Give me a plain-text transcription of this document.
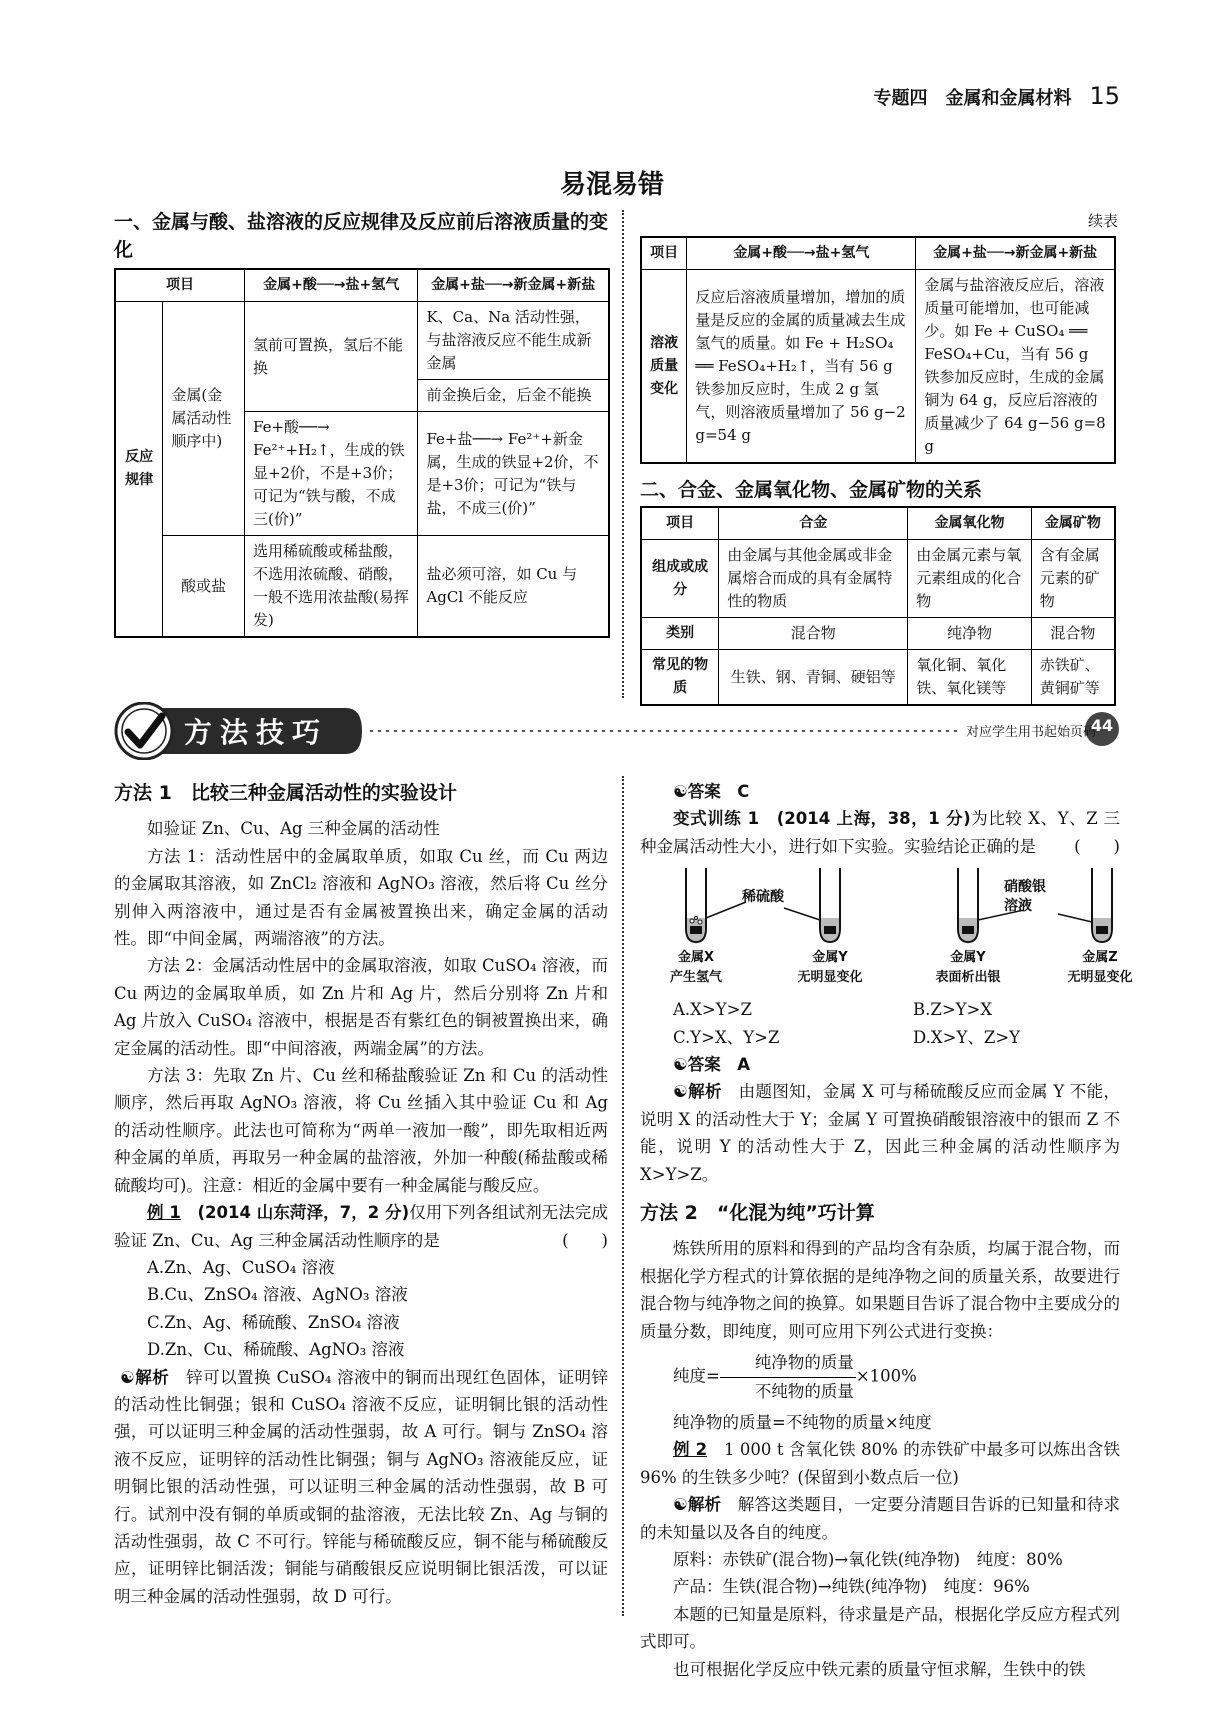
专题四　金属和金属材料 15
易混易错
一、金属与酸、盐溶液的反应规律及反应前后溶液质量的变化
项目		金属+酸──→盐+氢气	金属+盐──→新金属+新盐
反应规律	金属(金属活动性顺序中)	氢前可置换，氢后不能换	K、Ca、Na 活动性强，与盐溶液反应不能生成新金属
			前金换后金，后金不能换
		Fe+酸──→ Fe²⁺+H₂↑，生成的铁显+2价，不是+3价；可记为“铁与酸，不成三(价)”	Fe+盐──→ Fe²⁺+新金属，生成的铁显+2价，不是+3价；可记为“铁与盐，不成三(价)”
	酸或盐	选用稀硫酸或稀盐酸，不选用浓硫酸、硝酸，一般不选用浓盐酸(易挥发)	盐必须可溶，如 Cu 与 AgCl 不能反应
续表
项目	金属+酸──→盐+氢气	金属+盐──→新金属+新盐
溶液质量变化	反应后溶液质量增加，增加的质量是反应的金属的质量减去生成氢气的质量。如 Fe + H₂SO₄ ══ FeSO₄+H₂↑，当有 56 g 铁参加反应时，生成 2 g 氢气，则溶液质量增加了 56 g−2 g=54 g	金属与盐溶液反应后，溶液质量可能增加，也可能减少。如 Fe + CuSO₄ ══ FeSO₄+Cu，当有 56 g 铁参加反应时，生成的金属铜为 64 g，反应后溶液的质量减少了 64 g−56 g=8 g
二、合金、金属氧化物、金属矿物的关系
项目	合金	金属氧化物	金属矿物
组成或成分	由金属与其他金属或非金属熔合而成的具有金属特性的物质	由金属元素与氧元素组成的化合物	含有金属元素的矿物
类别	混合物	纯净物	混合物
常见的物质	生铁、钢、青铜、硬铝等	氧化铜、氧化铁、氧化镁等	赤铁矿、黄铜矿等
方法技巧	对应学生用书起始页码
44
方法 1　比较三种金属活动性的实验设计

如验证 Zn、Cu、Ag 三种金属的活动性

方法 1：活动性居中的金属取单质，如取 Cu 丝，而 Cu 两边的金属取其溶液，如 ZnCl₂ 溶液和 AgNO₃ 溶液，然后将 Cu 丝分别伸入两溶液中，通过是否有金属被置换出来，确定金属的活动性。即“中间金属，两端溶液”的方法。

方法 2：金属活动性居中的金属取溶液，如取 CuSO₄ 溶液，而 Cu 两边的金属取单质，如 Zn 片和 Ag 片，然后分别将 Zn 片和 Ag 片放入 CuSO₄ 溶液中，根据是否有紫红色的铜被置换出来，确定金属的活动性。即“中间溶液，两端金属”的方法。

方法 3：先取 Zn 片、Cu 丝和稀盐酸验证 Zn 和 Cu 的活动性顺序，然后再取 AgNO₃ 溶液，将 Cu 丝插入其中验证 Cu 和 Ag 的活动性顺序。此法也可简称为“两单一液加一酸”，即先取相近两种金属的单质，再取另一种金属的盐溶液，外加一种酸(稀盐酸或稀硫酸均可)。注意：相近的金属中要有一种金属能与酸反应。

例 1　 (2014 山东菏泽，7，2 分)仅用下列各组试剂无法完成验证 Zn、Cu、Ag 三种金属活动性顺序的是	(　　)

A.Zn、Ag、CuSO₄ 溶液

B.Cu、ZnSO₄ 溶液、AgNO₃ 溶液

C.Zn、Ag、稀硫酸、ZnSO₄ 溶液

D.Zn、Cu、稀硫酸、AgNO₃ 溶液

☯解析　 锌可以置换 CuSO₄ 溶液中的铜而出现红色固体，证明锌的活动性比铜强；银和 CuSO₄ 溶液不反应，证明铜比银的活动性强，可以证明三种金属的活动性强弱，故 A 可行。铜与 ZnSO₄ 溶液不反应，证明锌的活动性比铜强；铜与 AgNO₃ 溶液能反应，证明铜比银的活动性强，可以证明三种金属的活动性强弱，故 B 可行。试剂中没有铜的单质或铜的盐溶液，无法比较 Zn、Ag 与铜的活动性强弱，故 C 不可行。锌能与稀硫酸反应，铜不能与稀硫酸反应，证明锌比铜活泼；铜能与硝酸银反应说明铜比银活泼，可以证明三种金属的活动性强弱，故 D 可行。

☯答案　 C

变式训练 1　 (2014 上海，38，1 分)为比较 X、Y、Z 三种金属活动性大小，进行如下实验。实验结论正确的是	(　　)

稀硫酸
硝酸银溶液
金属X
产生氢气
金属Y
无明显变化
金属Y
表面析出银
金属Z
无明显变化
A.X>Y>Z	B.Z>Y>X
C.Y>X、Y>Z	D.X>Y、Z>Y

☯答案　 A

☯解析　 由题图知，金属 X 可与稀硫酸反应而金属 Y 不能，说明 X 的活动性大于 Y；金属 Y 可置换硝酸银溶液中的银而 Z 不能，说明 Y 的活动性大于 Z，因此三种金属的活动性顺序为X>Y>Z。

方法 2　“化混为纯”巧计算

炼铁所用的原料和得到的产品均含有杂质，均属于混合物，而根据化学方程式的计算依据的是纯净物之间的质量关系，故要进行混合物与纯净物之间的换算。如果题目告诉了混合物中主要成分的质量分数，即纯度，则可应用下列公式进行变换：

纯度= $\frac{\text{纯净物的质量}}{\text{不纯物的质量}} \times 100\%$

纯净物的质量=不纯物的质量×纯度

例 2　 1 000 t 含氧化铁 80% 的赤铁矿中最多可以炼出含铁 96% 的生铁多少吨？(保留到小数点后一位)

☯解析　 解答这类题目，一定要分清题目告诉的已知量和待求的未知量以及各自的纯度。

原料：赤铁矿(混合物)→氧化铁(纯净物)　纯度：80%

产品：生铁(混合物)→纯铁(纯净物)　纯度：96%

本题的已知量是原料，待求量是产品，根据化学反应方程式列式即可。

也可根据化学反应中铁元素的质量守恒求解，生铁中的铁
